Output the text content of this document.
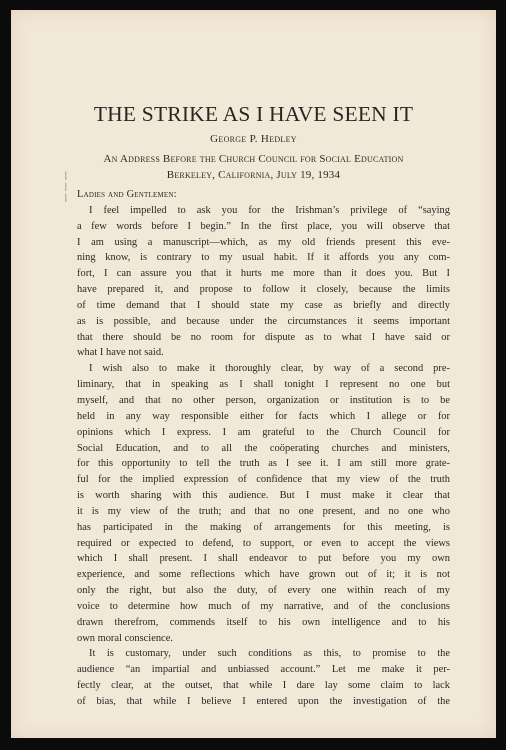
THE STRIKE AS I HAVE SEEN IT
George P. Hedley
An Address Before the Church Council for Social Education
Berkeley, California, July 19, 1934
|
|
| Ladies and Gentlemen:
I feel impelled to ask you for the Irishman’s privilege of “saying
a few words before I begin.” In the first place, you will observe that
I am using a manuscript—which, as my old friends present this eve-
ning know, is contrary to my usual habit. If it affords you any com-
fort, I can assure you that it hurts me more than it does you. But I
have prepared it, and propose to follow it closely, because the limits
of time demand that I should state my case as briefly and directly
as is possible, and because under the circumstances it seems important
that there should be no room for dispute as to what I have said or
what I have not said.
I wish also to make it thoroughly clear, by way of a second pre-
liminary, that in speaking as I shall tonight I represent no one but
myself, and that no other person, organization or institution is to be
held in any way responsible either for facts which I allege or for
opinions which I express. I am grateful to the Church Council for
Social Education, and to all the coöperating churches and ministers,
for this opportunity to tell the truth as I see it. I am still more grate-
ful for the implied expression of confidence that my view of the truth
is worth sharing with this audience. But I must make it clear that
it is my view of the truth; and that no one present, and no one who
has participated in the making of arrangements for this meeting, is
required or expected to defend, to support, or even to accept the views
which I shall present. I shall endeavor to put before you my own
experience, and some reflections which have grown out of it; it is not
only the right, but also the duty, of every one within reach of my
voice to determine how much of my narrative, and of the conclusions
drawn therefrom, commends itself to his own intelligence and to his
own moral conscience.
It is customary, under such conditions as this, to promise to the
audience “an impartial and unbiassed account.” Let me make it per-
fectly clear, at the outset, that while I dare lay some claim to lack
of bias, that while I believe I entered upon the investigation of the
